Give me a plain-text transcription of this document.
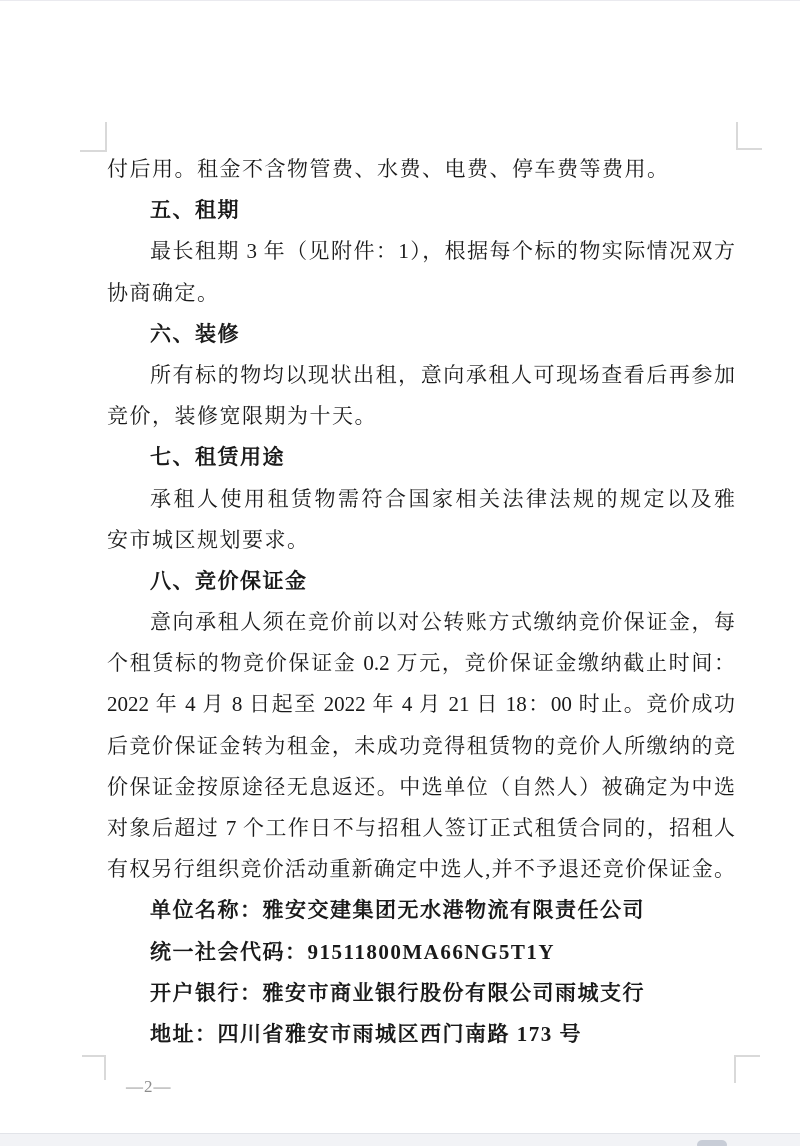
付后用。租金不含物管费、水费、电费、停车费等费用。
五、租期
最长租期 3 年（见附件：1），根据每个标的物实际情况双方
协商确定。
六、装修
所有标的物均以现状出租，意向承租人可现场查看后再参加
竞价，装修宽限期为十天。
七、租赁用途
承租人使用租赁物需符合国家相关法律法规的规定以及雅
安市城区规划要求。
八、竞价保证金
意向承租人须在竞价前以对公转账方式缴纳竞价保证金，每
个租赁标的物竞价保证金 0.2 万元，竞价保证金缴纳截止时间：
2022 年 4 月 8 日起至 2022 年 4 月 21 日 18：00 时止。竞价成功
后竞价保证金转为租金，未成功竞得租赁物的竞价人所缴纳的竞
价保证金按原途径无息返还。中选单位（自然人）被确定为中选
对象后超过 7 个工作日不与招租人签订正式租赁合同的，招租人
有权另行组织竞价活动重新确定中选人,并不予退还竞价保证金。
单位名称：雅安交建集团无水港物流有限责任公司
统一社会代码：91511800MA66NG5T1Y
开户银行：雅安市商业银行股份有限公司雨城支行
地址：四川省雅安市雨城区西门南路 173 号
—2—
